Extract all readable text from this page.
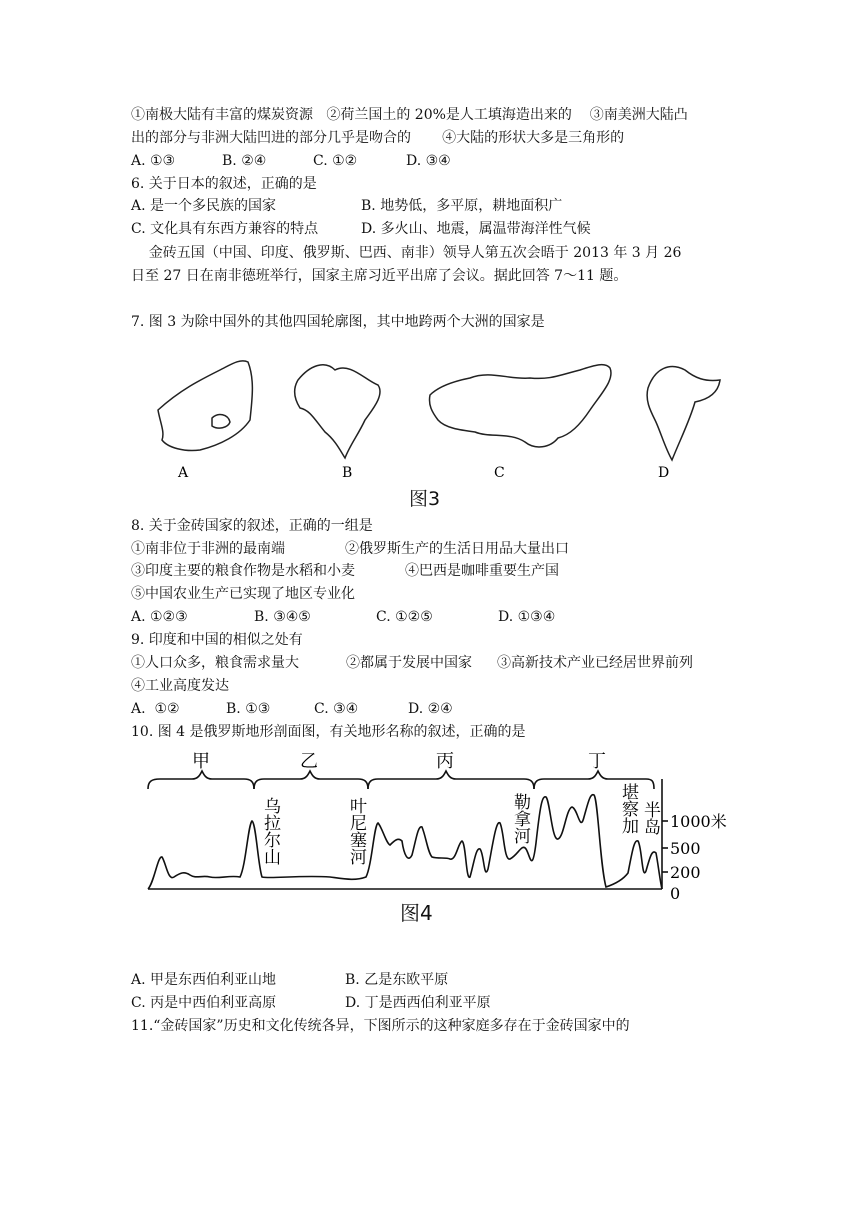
①南极大陆有丰富的煤炭资源   ②荷兰国土的 20%是人工填海造出来的    ③南美洲大陆凸
出的部分与非洲大陆凹进的部分几乎是吻合的       ④大陆的形状大多是三角形的
A. ①③	B. ②④	C. ①②	D. ③④
6. 关于日本的叙述，正确的是
A. 是一个多民族的国家	B. 地势低，多平原，耕地面积广
C. 文化具有东西方兼容的特点	D. 多火山、地震，属温带海洋性气候
金砖五国（中国、印度、俄罗斯、巴西、南非）领导人第五次会晤于 2013 年 3 月 26
日至 27 日在南非德班举行，国家主席习近平出席了会议。据此回答 7～11 题。
7. 图 3 为除中国外的其他四国轮廓图，其中地跨两个大洲的国家是
A	B	C	D
图3
8. 关于金砖国家的叙述，正确的一组是
①南非位于非洲的最南端	②俄罗斯生产的生活日用品大量出口
③印度主要的粮食作物是水稻和小麦	④巴西是咖啡重要生产国
⑤中国农业生产已实现了地区专业化
A. ①②③	B. ③④⑤	C. ①②⑤	D. ①③④
9. 印度和中国的相似之处有
①人口众多，粮食需求量大	②都属于发展中国家 ③高新技术产业已经居世界前列
④工业高度发达
A.  ①②	B. ①③	C. ③④	D. ②④
10. 图 4 是俄罗斯地形剖面图，有关地形名称的叙述，正确的是
甲	乙	丙	丁
乌拉尔山	叶尼塞河	勒拿河	堪察加 半岛 1000米
500
200
0
图4
A. 甲是东西伯利亚山地	B. 乙是东欧平原
C. 丙是中西伯利亚高原	D. 丁是西西伯利亚平原
11.“金砖国家”历史和文化传统各异，下图所示的这种家庭多存在于金砖国家中的
